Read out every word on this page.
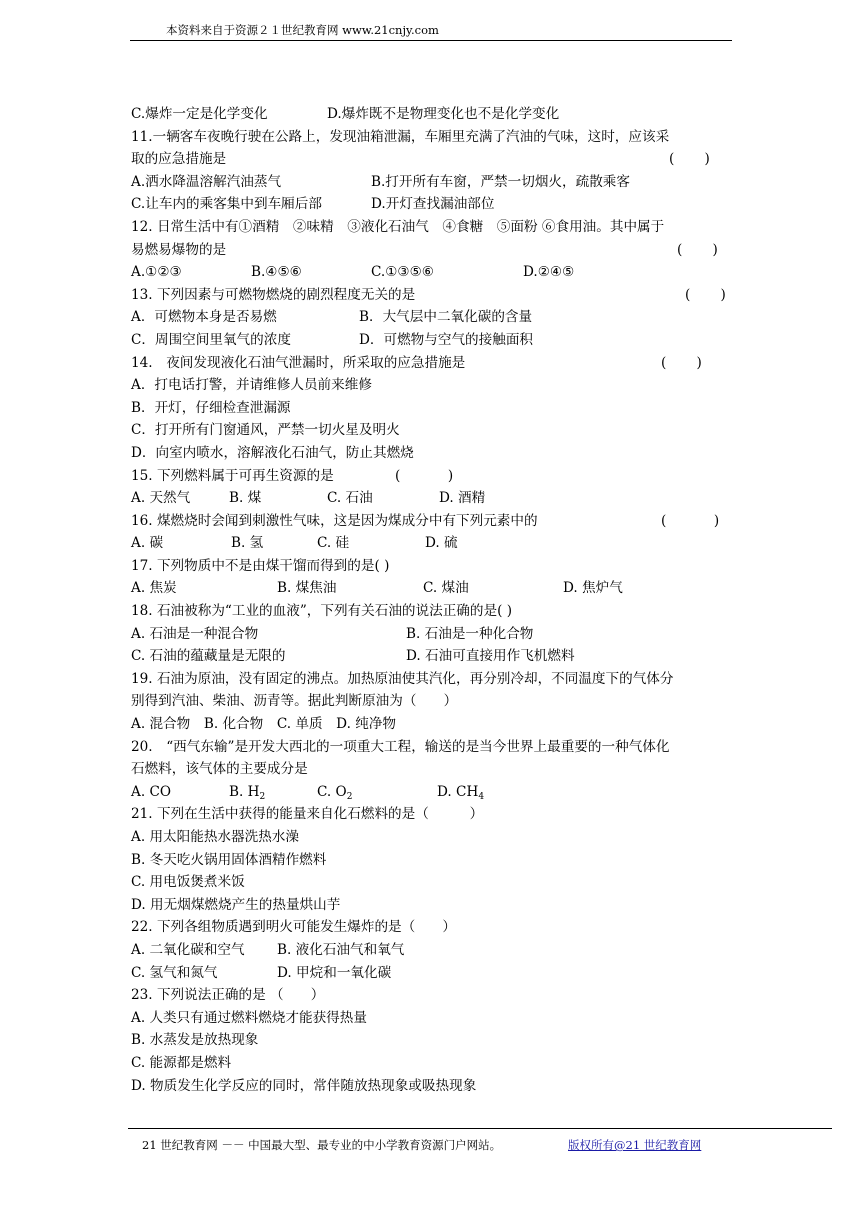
本资料来自于资源２１世纪教育网 www.21cnjy.com
C.爆炸一定是化学变化	D.爆炸既不是物理变化也不是化学变化
11.一辆客车夜晚行驶在公路上，发现油箱泄漏，车厢里充满了汽油的气味，这时，应该采
取的应急措施是	(       )
A.洒水降温溶解汽油蒸气	B.打开所有车窗，严禁一切烟火，疏散乘客
C.让车内的乘客集中到车厢后部	D.开灯查找漏油部位
12. 日常生活中有①酒精　②味精　③液化石油气　④食糖　⑤面粉 ⑥食用油。其中属于
易燃易爆物的是	(       )
A.①②③	B.④⑤⑥	C.①③⑤⑥	D.②④⑤
13. 下列因素与可燃物燃烧的剧烈程度无关的是	(       )
A．可燃物本身是否易燃	B．大气层中二氧化碳的含量
C．周围空间里氧气的浓度	D．可燃物与空气的接触面积
14.　夜间发现液化石油气泄漏时，所采取的应急措施是	(       )
A．打电话打警，并请维修人员前来维修
B．开灯，仔细检查泄漏源
C．打开所有门窗通风，严禁一切火星及明火
D．向室内喷水，溶解液化石油气，防止其燃烧
15. 下列燃料属于可再生资源的是	(           )
A. 天然气	B. 煤	C. 石油	D. 酒精
16. 煤燃烧时会闻到刺激性气味，这是因为煤成分中有下列元素中的	(           )
A. 碳	B. 氢	C. 硅	D. 硫
17. 下列物质中不是由煤干馏而得到的是( )
A. 焦炭	B. 煤焦油	C. 煤油	D. 焦炉气
18. 石油被称为“工业的血液”，下列有关石油的说法正确的是( )
A. 石油是一种混合物	B. 石油是一种化合物
C. 石油的蕴藏量是无限的	D. 石油可直接用作飞机燃料
19. 石油为原油，没有固定的沸点。加热原油使其汽化，再分别冷却，不同温度下的气体分
别得到汽油、柴油、沥青等。据此判断原油为（　　）
A. 混合物　B. 化合物　C. 单质　D. 纯净物
20.　“西气东输”是开发大西北的一项重大工程，输送的是当今世界上最重要的一种气体化
石燃料，该气体的主要成分是
A. CO	B. $H_2$	C. $O_2$	D. $CH_4$
21. 下列在生活中获得的能量来自化石燃料的是（　　　）
A. 用太阳能热水器洗热水澡
B. 冬天吃火锅用固体酒精作燃料
C. 用电饭煲煮米饭
D. 用无烟煤燃烧产生的热量烘山芋
22. 下列各组物质遇到明火可能发生爆炸的是（　　）
A. 二氧化碳和空气 B. 液化石油气和氧气
C. 氢气和氮气	D. 甲烷和一氧化碳
23. 下列说法正确的是 （　　）
A. 人类只有通过燃料燃烧才能获得热量
B. 水蒸发是放热现象
C. 能源都是燃料
D. 物质发生化学反应的同时，常伴随放热现象或吸热现象
21 世纪教育网 －－ 中国最大型、最专业的中小学教育资源门户网站。	版权所有@21 世纪教育网
